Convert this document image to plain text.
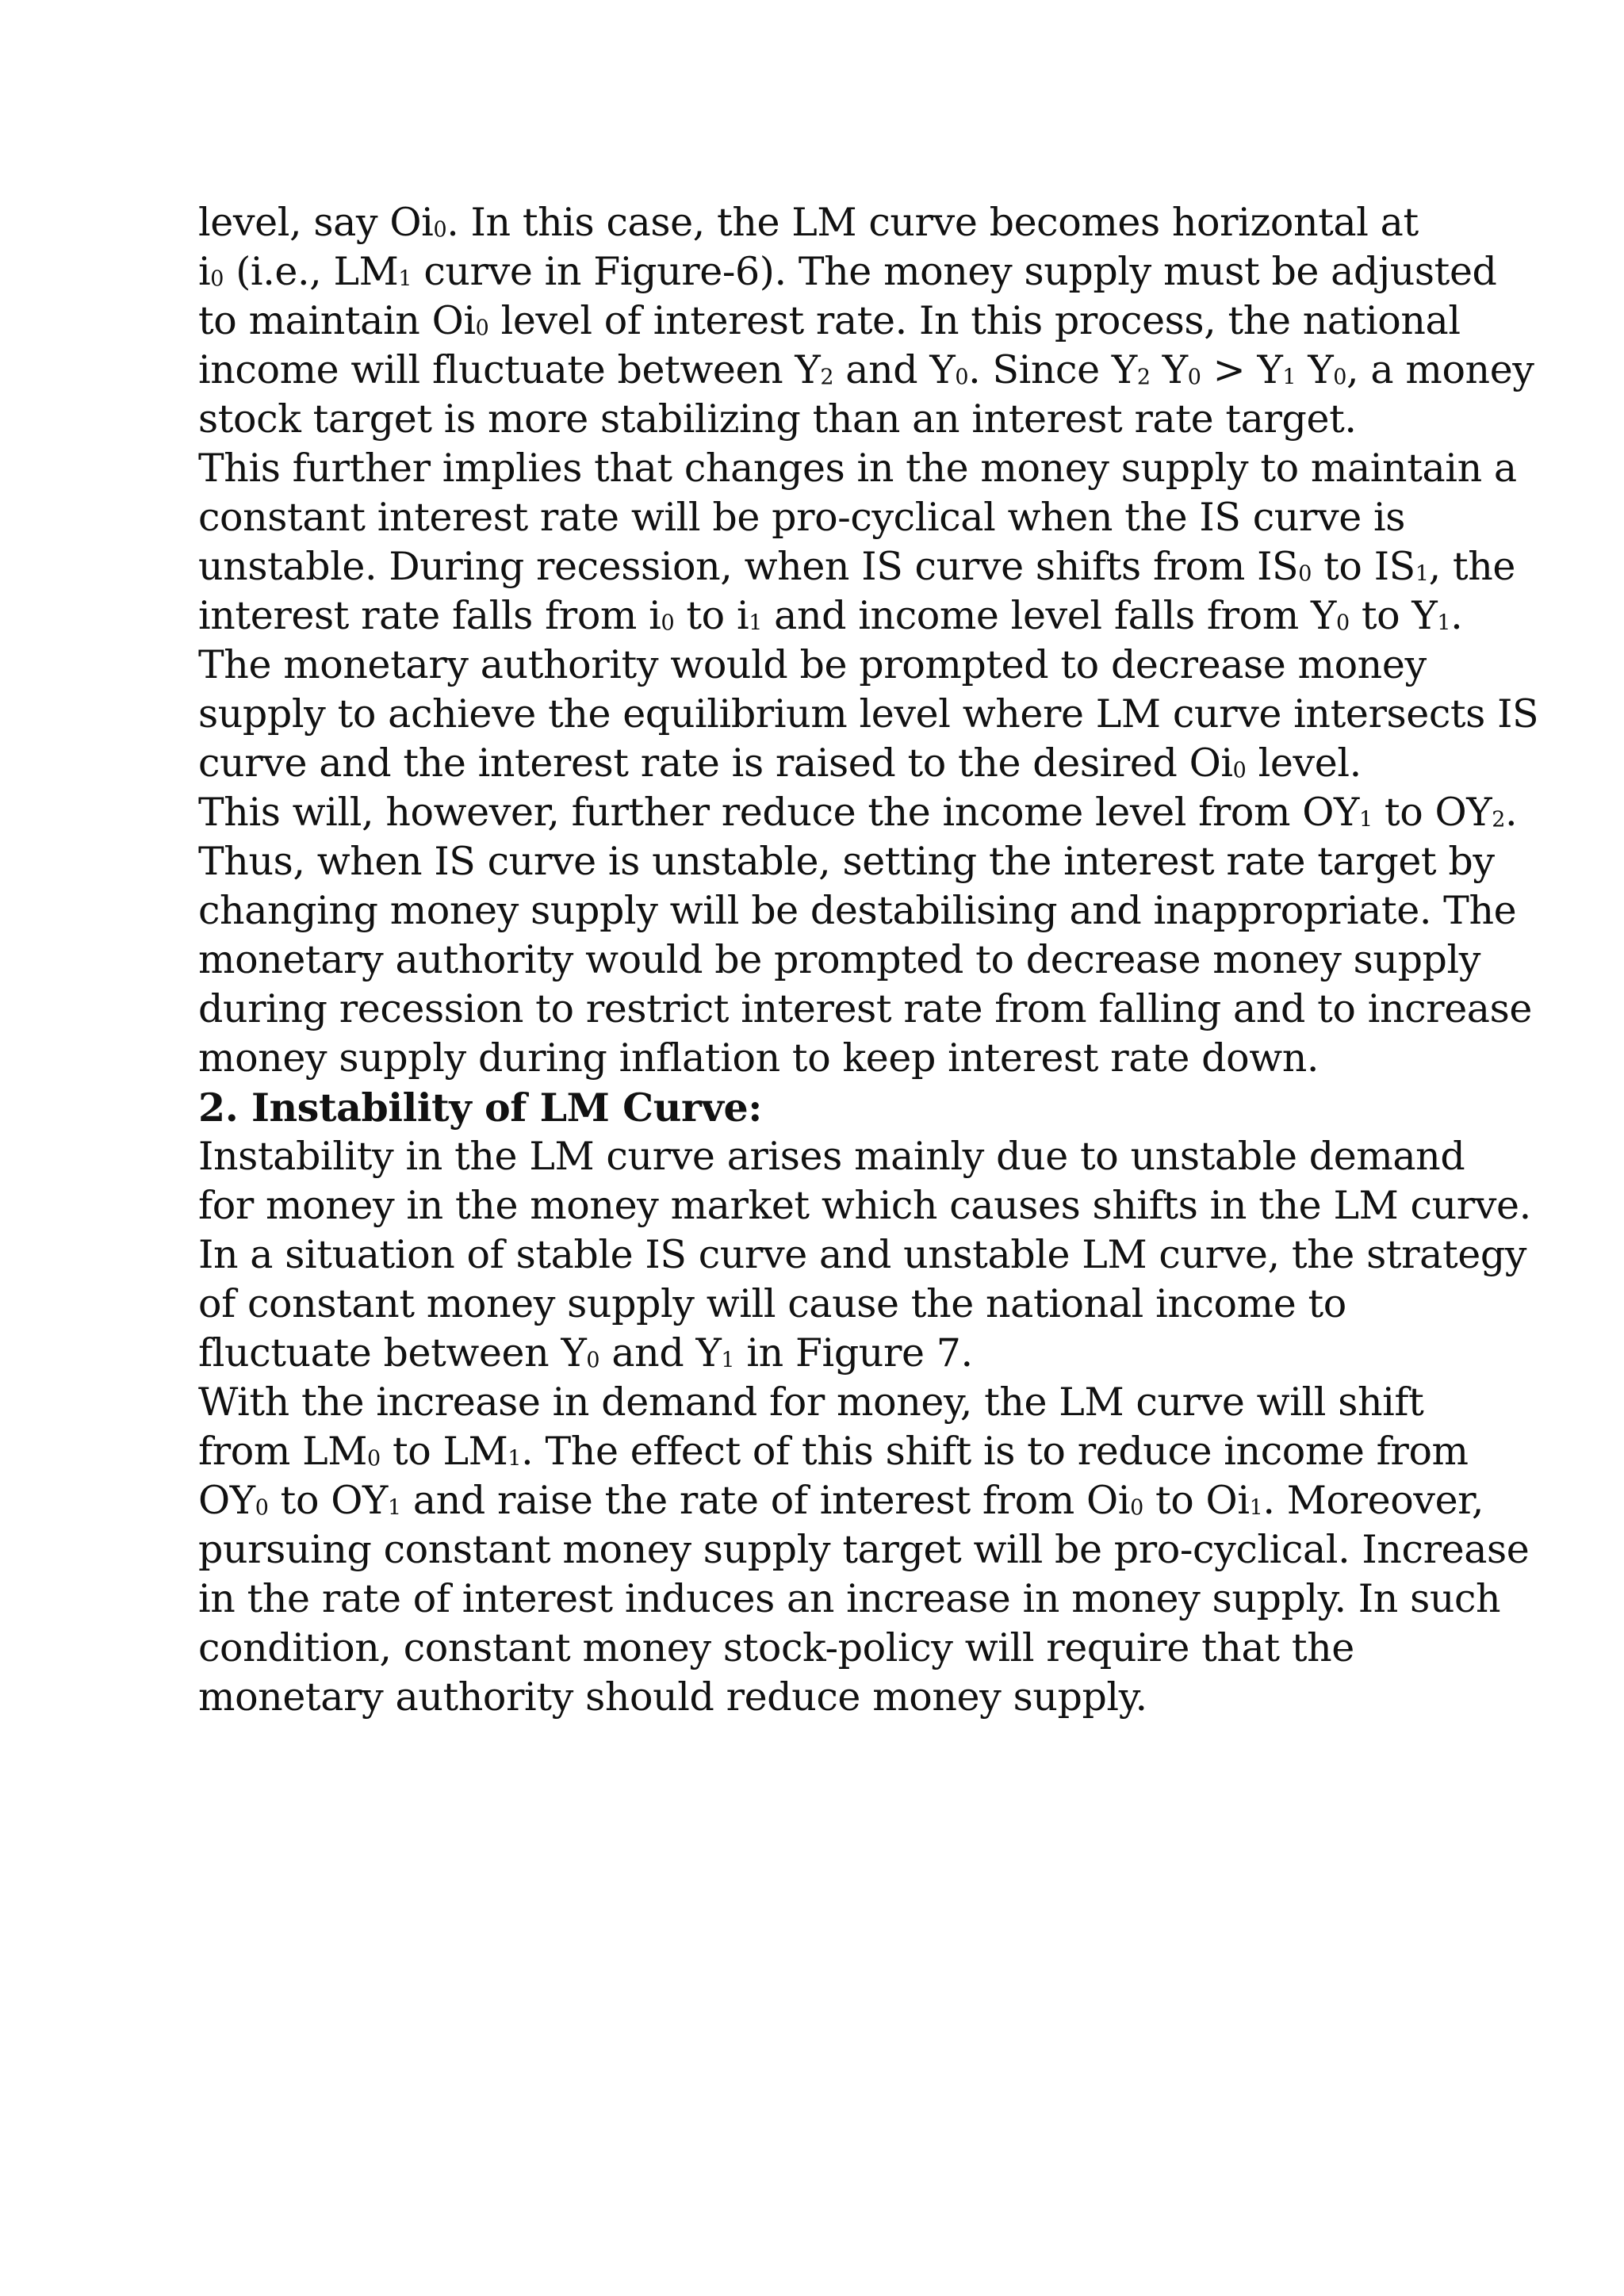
level, say Oi0. In this case, the LM curve becomes horizontal at
i0 (i.e., LM1 curve in Figure-6). The money supply must be adjusted
to maintain Oi0 level of interest rate. In this process, the national
income will fluctuate between Y2 and Y0. Since Y2 Y0 > Y1 Y0, a money
stock target is more stabilizing than an interest rate target.
This further implies that changes in the money supply to maintain a
constant interest rate will be pro-cyclical when the IS curve is
unstable. During recession, when IS curve shifts from IS0 to IS1, the
interest rate falls from i0 to i1 and income level falls from Y0 to Y1.
The monetary authority would be prompted to decrease money
supply to achieve the equilibrium level where LM curve intersects IS
curve and the interest rate is raised to the desired Oi0 level.
This will, however, further reduce the income level from OY1 to OY2.
Thus, when IS curve is unstable, setting the interest rate target by
changing money supply will be destabilising and inappropriate. The
monetary authority would be prompted to decrease money supply
during recession to restrict interest rate from falling and to increase
money supply during inflation to keep interest rate down.
2. Instability of LM Curve:
Instability in the LM curve arises mainly due to unstable demand
for money in the money market which causes shifts in the LM curve.
In a situation of stable IS curve and unstable LM curve, the strategy
of constant money supply will cause the national income to
fluctuate between Y0 and Y1 in Figure 7.
With the increase in demand for money, the LM curve will shift
from LM0 to LM1. The effect of this shift is to reduce income from
OY0 to OY1 and raise the rate of interest from Oi0 to Oi1. Moreover,
pursuing constant money supply target will be pro-cyclical. Increase
in the rate of interest induces an increase in money supply. In such
condition, constant money stock-policy will require that the
monetary authority should reduce money supply.
